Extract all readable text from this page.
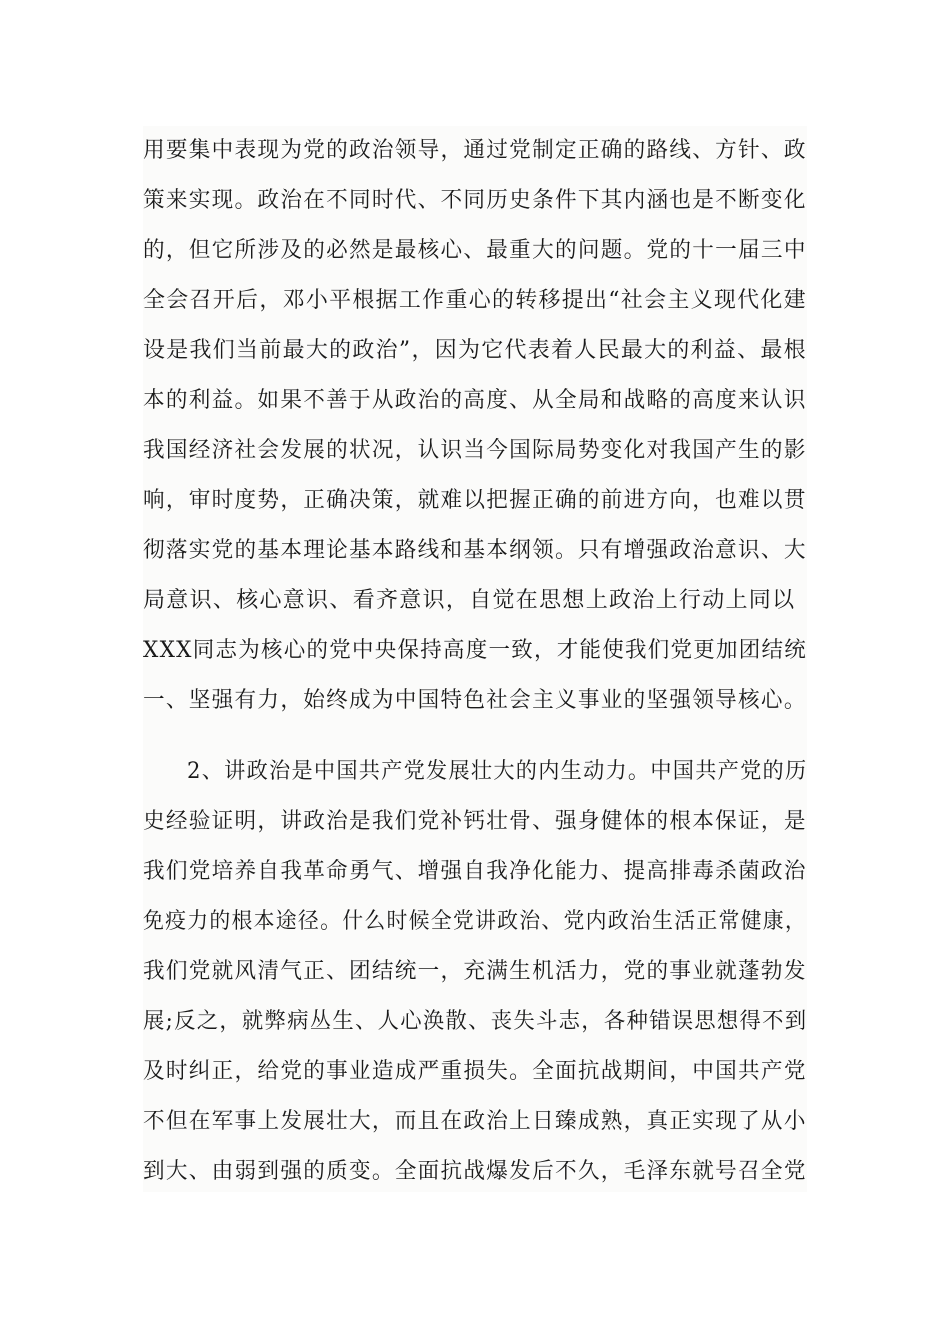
用要集中表现为党的政治领导，通过党制定正确的路线、方针、政
策来实现。政治在不同时代、不同历史条件下其内涵也是不断变化
的，但它所涉及的必然是最核心、最重大的问题。党的十一届三中
全会召开后，邓小平根据工作重心的转移提出“社会主义现代化建
设是我们当前最大的政治”，因为它代表着人民最大的利益、最根
本的利益。如果不善于从政治的高度、从全局和战略的高度来认识
我国经济社会发展的状况，认识当今国际局势变化对我国产生的影
响，审时度势，正确决策，就难以把握正确的前进方向，也难以贯
彻落实党的基本理论基本路线和基本纲领。只有增强政治意识、大
局意识、核心意识、看齐意识，自觉在思想上政治上行动上同以
XXX同志为核心的党中央保持高度一致，才能使我们党更加团结统
一、坚强有力，始终成为中国特色社会主义事业的坚强领导核心。
2、讲政治是中国共产党发展壮大的内生动力。中国共产党的历
史经验证明，讲政治是我们党补钙壮骨、强身健体的根本保证，是
我们党培养自我革命勇气、增强自我净化能力、提高排毒杀菌政治
免疫力的根本途径。什么时候全党讲政治、党内政治生活正常健康，
我们党就风清气正、团结统一，充满生机活力，党的事业就蓬勃发
展;反之，就弊病丛生、人心涣散、丧失斗志，各种错误思想得不到
及时纠正，给党的事业造成严重损失。全面抗战期间，中国共产党
不但在军事上发展壮大，而且在政治上日臻成熟，真正实现了从小
到大、由弱到强的质变。全面抗战爆发后不久，毛泽东就号召全党
